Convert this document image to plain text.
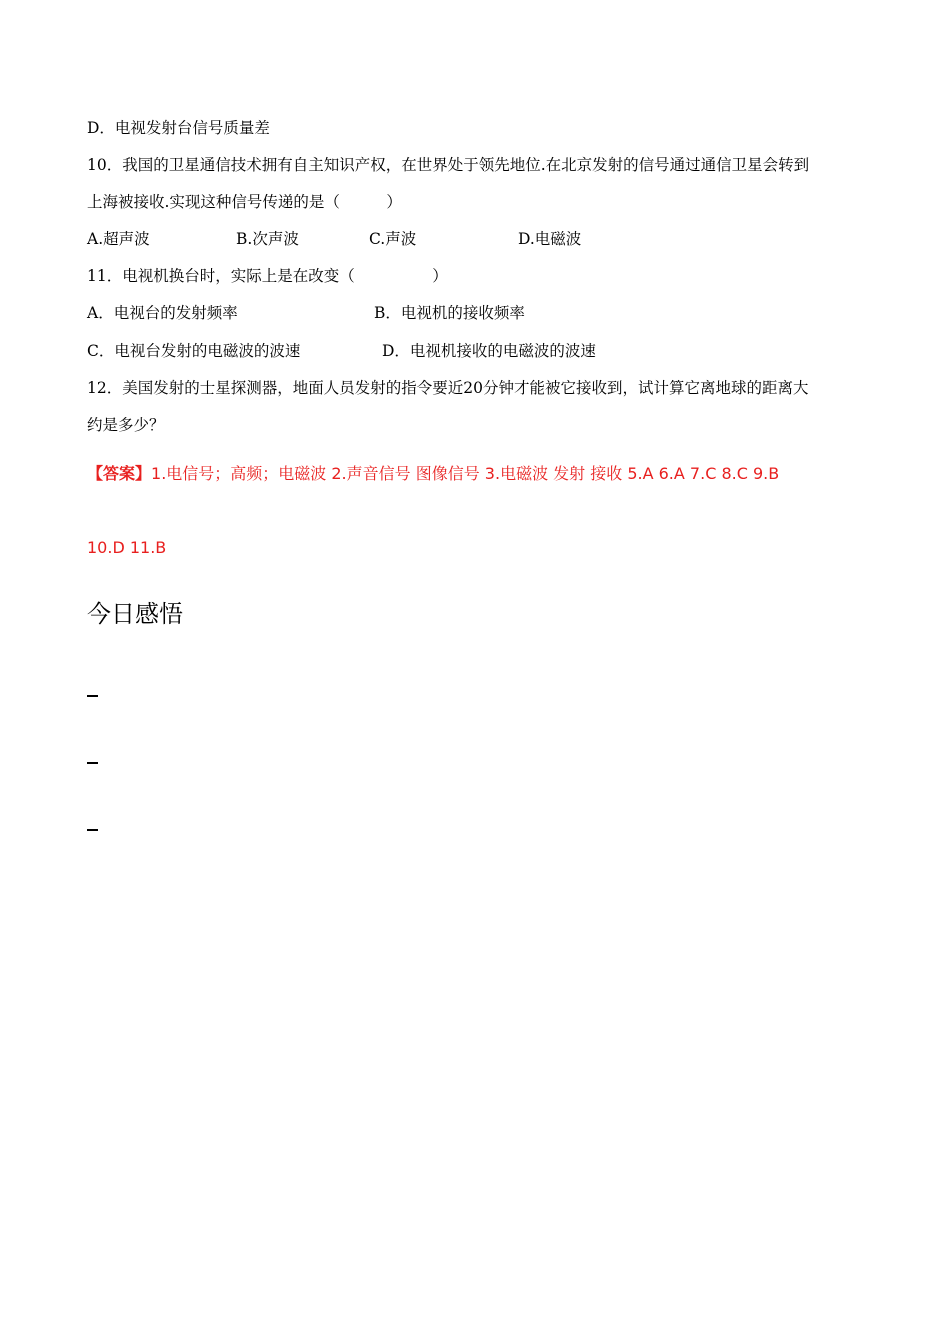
D．电视发射台信号质量差
10．我国的卫星通信技术拥有自主知识产权，在世界处于领先地位.在北京发射的信号通过通信卫星会转到
上海被接收.实现这种信号传递的是（　　　）
A.超声波	B.次声波	C.声波	D.电磁波
11．电视机换台时，实际上是在改变（　　　　　）
A．电视台的发射频率	B．电视机的接收频率
C．电视台发射的电磁波的波速	D．电视机接收的电磁波的波速
12．美国发射的士星探测器，地面人员发射的指令要近20分钟才能被它接收到，试计算它离地球的距离大
约是多少？
【答案】1.电信号；高频；电磁波 2.声音信号 图像信号 3.电磁波 发射 接收 5.A 6.A 7.C 8.C 9.B
10.D 11.B
今日感悟
